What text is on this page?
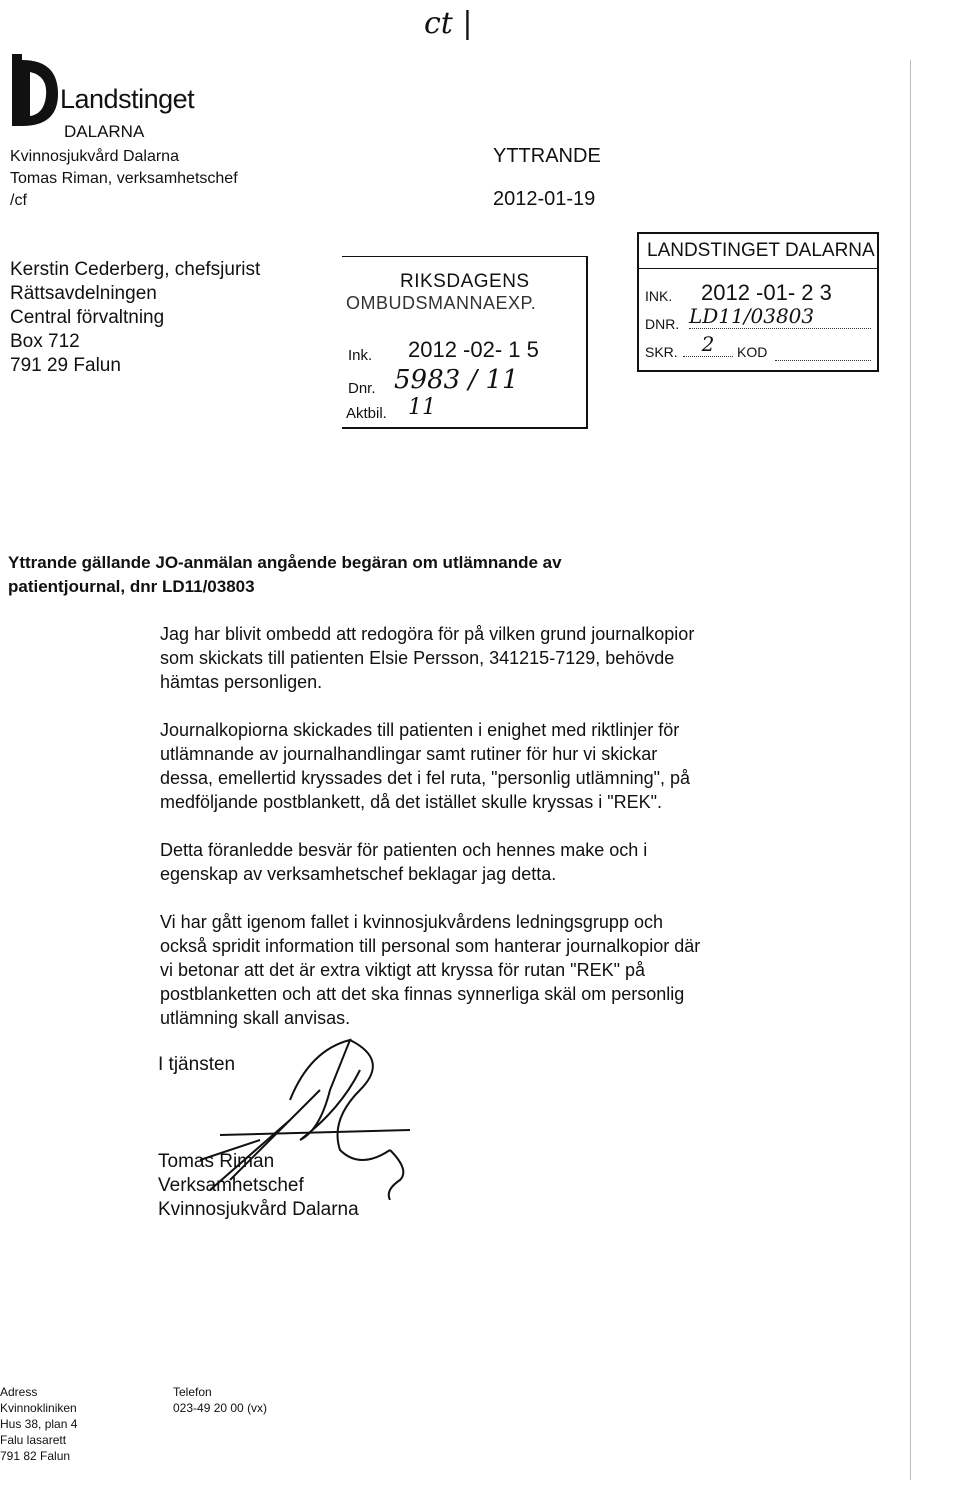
ct |
Landstinget
DALARNA
Kvinnosjukvård Dalarna
Tomas Riman, verksamhetschef
/cf
YTTRANDE
2012-01-19
Kerstin Cederberg, chefsjurist
Rättsavdelningen
Central förvaltning
Box 712
791 29 Falun
RIKSDAGENS
OMBUDSMANNAEXP.
Ink. 2012 -02- 1 5
Dnr. 5983 / 11
Aktbil. 11
LANDSTINGET DALARNA
INK. 2012 -01- 2 3
DNR. LD11/03803
SKR.	2	KOD
Yttrande gällande JO-anmälan angående begäran om utlämnande av
patientjournal, dnr LD11/03803
Jag har blivit ombedd att redogöra för på vilken grund journalkopior
som skickats till patienten Elsie Persson, 341215-7129, behövde
hämtas personligen.
Journalkopiorna skickades till patienten i enighet med riktlinjer för
utlämnande av journalhandlingar samt rutiner för hur vi skickar
dessa, emellertid kryssades det i fel ruta, "personlig utlämning", på
medföljande postblankett, då det istället skulle kryssas i "REK".
Detta föranledde besvär för patienten och hennes make och i
egenskap av verksamhetschef beklagar jag detta.
Vi har gått igenom fallet i kvinnosjukvårdens ledningsgrupp och
också spridit information till personal som hanterar journalkopior där
vi betonar att det är extra viktigt att kryssa för rutan "REK" på
postblanketten och att det ska finnas synnerliga skäl om personlig
utlämning skall anvisas.
I tjänsten
Tomas Riman
Verksamhetschef
Kvinnosjukvård Dalarna
Adress
Kvinnokliniken
Hus 38, plan 4
Falu lasarett
791 82 Falun
Telefon
023-49 20 00 (vx)
